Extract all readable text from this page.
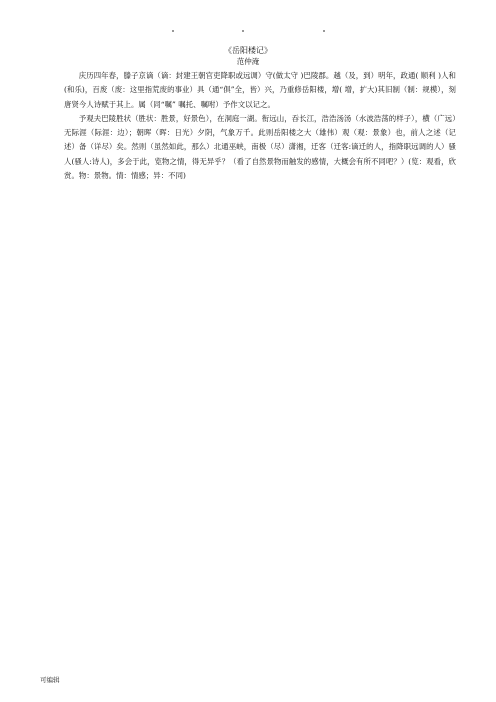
《岳阳楼记》
范仲淹

庆历四年春，滕子京谪（谪：封建王朝官吏降职或远调）守(做太守 )巴陵郡。越（及，到）明年，政通( 顺利 )人和(和乐)，百废（废：这里指荒废的事业）具（通“俱”全，皆）兴，乃重修岳阳楼，增( 增，扩大)其旧制（制：规模），刻唐贤今人诗赋于其上。属（同“嘱” 嘱托、嘱咐）予作文以记之。

予观夫巴陵胜状（胜状：胜景，好景色），在洞庭一湖。衔远山，吞长江，浩浩汤汤（水波浩荡的样子），横（广远）无际涯（际涯：边）；朝晖（晖：日光）夕阴，气象万千。此则岳阳楼之大（雄伟）观（观：景象）也，前人之述（记述）备（详尽）矣。然则（虽然如此，那么）北通巫峡，南极（尽）潇湘，迁客（迁客:谪迁的人，指降职远调的人）骚人(骚人:诗人)，多会于此，览物之情，得无异乎？（看了自然景物而触发的感情，大概会有所不同吧？）(览：观看，欣赏。物：景物。情：情感；异：不同)

可编辑
